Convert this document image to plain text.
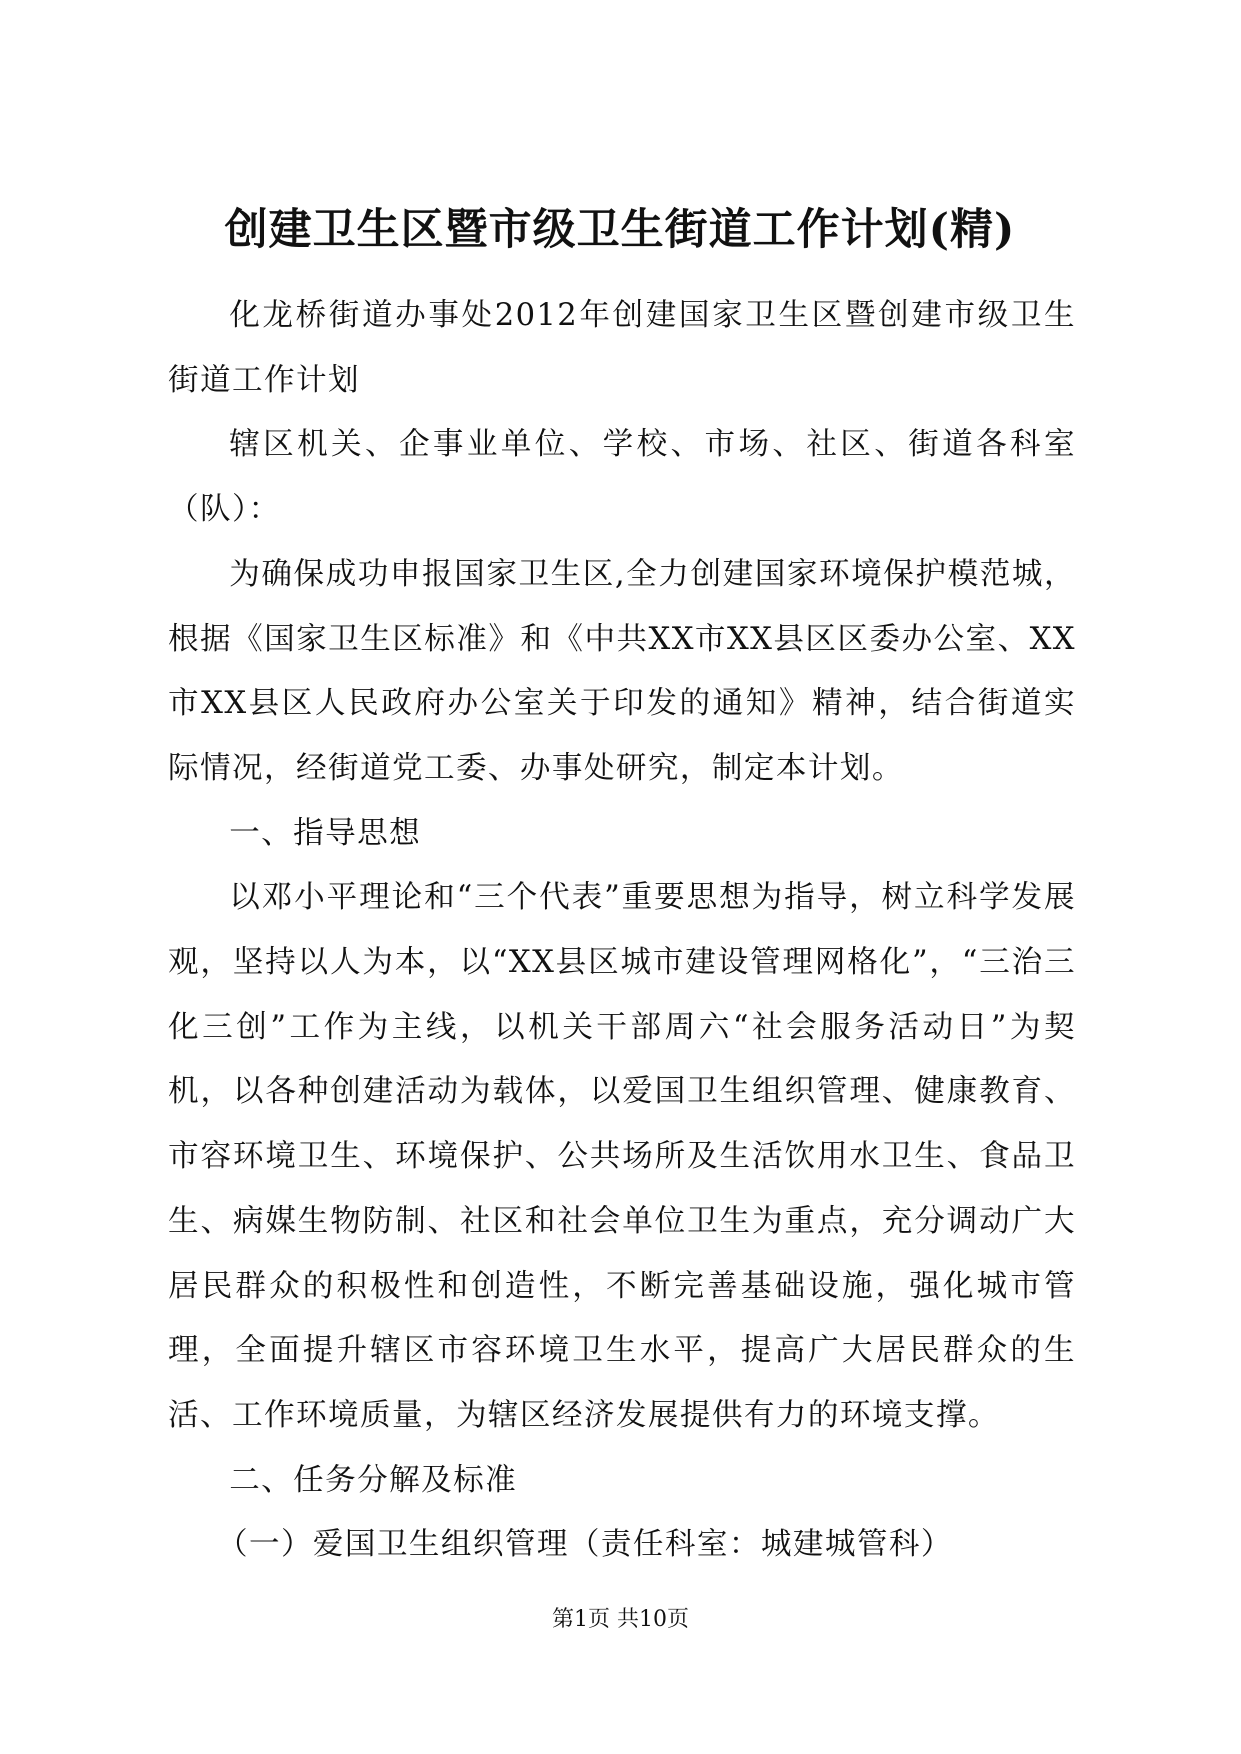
创建卫生区暨市级卫生街道工作计划(精)

化龙桥街道办事处2012年创建国家卫生区暨创建市级卫生街道工作计划

辖区机关、企事业单位、学校、市场、社区、街道各科室（队）：

为确保成功申报国家卫生区,全力创建国家环境保护模范城，根据《国家卫生区标准》和《中共XX市XX县区区委办公室、XX市XX县区人民政府办公室关于印发的通知》精神，结合街道实际情况，经街道党工委、办事处研究，制定本计划。

一、指导思想

以邓小平理论和“三个代表”重要思想为指导，树立科学发展观，坚持以人为本，以“XX县区城市建设管理网格化”，“三治三化三创”工作为主线，以机关干部周六“社会服务活动日”为契机，以各种创建活动为载体，以爱国卫生组织管理、健康教育、市容环境卫生、环境保护、公共场所及生活饮用水卫生、食品卫生、病媒生物防制、社区和社会单位卫生为重点，充分调动广大居民群众的积极性和创造性，不断完善基础设施，强化城市管理，全面提升辖区市容环境卫生水平，提高广大居民群众的生活、工作环境质量，为辖区经济发展提供有力的环境支撑。

二、任务分解及标准

（一）爱国卫生组织管理（责任科室：城建城管科）

第1页 共10页
